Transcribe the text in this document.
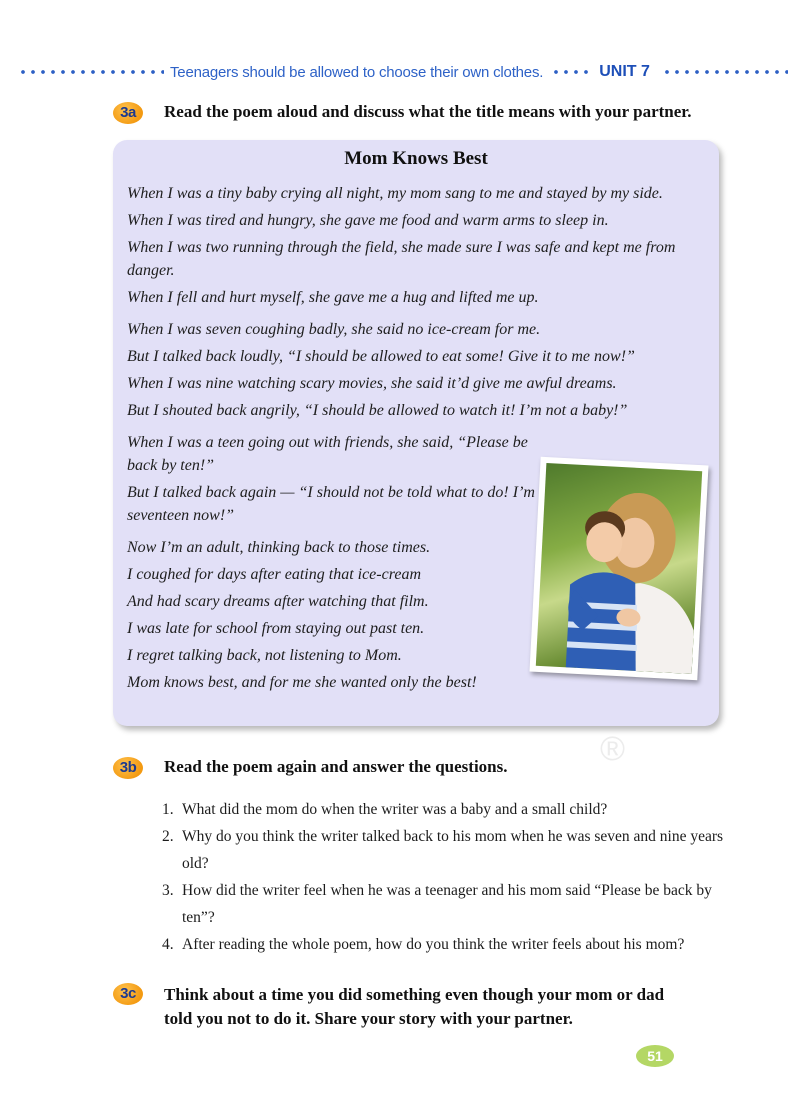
Teenagers should be allowed to choose their own clothes.	UNIT 7
3a	Read the poem aloud and discuss what the title means with your partner.
Mom Knows Best
When I was a tiny baby crying all night, my mom sang to me and stayed by my side.
When I was tired and hungry, she gave me food and warm arms to sleep in.
When I was two running through the field, she made sure I was safe and kept me from danger.
When I fell and hurt myself, she gave me a hug and lifted me up.
When I was seven coughing badly, she said no ice-cream for me.
But I talked back loudly, “I should be allowed to eat some! Give it to me now!”
When I was nine watching scary movies, she said it’d give me awful dreams.
But I shouted back angrily, “I should be allowed to watch it! I’m not a baby!”
When I was a teen going out with friends, she said, “Please be back by ten!”
But I talked back again — “I should not be told what to do! I’m seventeen now!”
Now I’m an adult, thinking back to those times.
I coughed for days after eating that ice-cream
And had scary dreams after watching that film.
I was late for school from staying out past ten.
I regret talking back, not listening to Mom.
Mom knows best, and for me she wanted only the best!
®
3b	Read the poem again and answer the questions.
1. What did the mom do when the writer was a baby and a small child?
2. Why do you think the writer talked back to his mom when he was seven and nine years old?
3. How did the writer feel when he was a teenager and his mom said “Please be back by ten”?
4. After reading the whole poem, how do you think the writer feels about his mom?
3c	Think about a time you did something even though your mom or dad
told you not to do it. Share your story with your partner.
51
